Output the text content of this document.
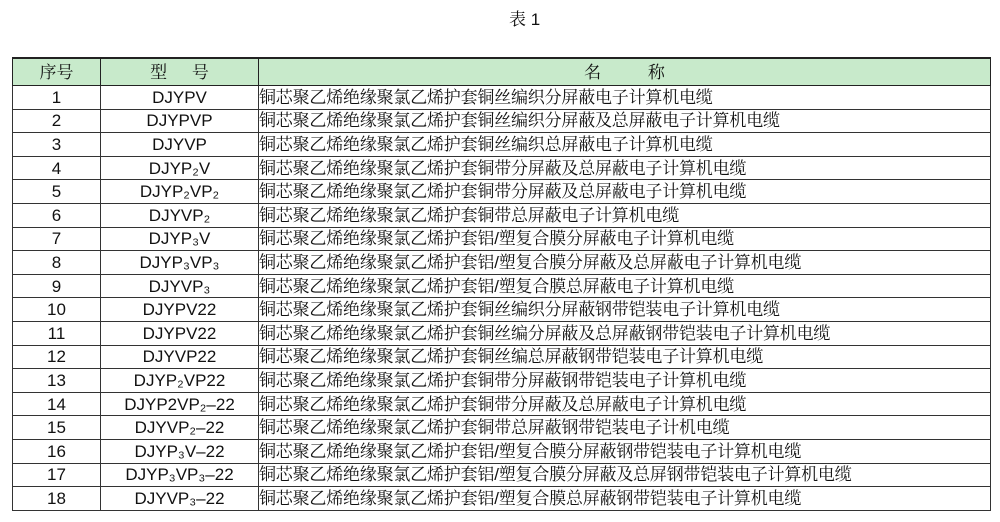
表 1
序号	型 号	名 称
1	DJYPV	铜芯聚乙烯绝缘聚氯乙烯护套铜丝编织分屏蔽电子计算机电缆
2	DJYPVP	铜芯聚乙烯绝缘聚氯乙烯护套铜丝编织分屏蔽及总屏蔽电子计算机电缆
3	DJYVP	铜芯聚乙烯绝缘聚氯乙烯护套铜丝编织总屏蔽电子计算机电缆
4	DJYP₂V	铜芯聚乙烯绝缘聚氯乙烯护套铜带分屏蔽及总屏蔽电子计算机电缆
5	DJYP₂VP₂	铜芯聚乙烯绝缘聚氯乙烯护套铜带分屏蔽及总屏蔽电子计算机电缆
6	DJYVP₂	铜芯聚乙烯绝缘聚氯乙烯护套铜带总屏蔽电子计算机电缆
7	DJYP₃V	铜芯聚乙烯绝缘聚氯乙烯护套铝/塑复合膜分屏蔽电子计算机电缆
8	DJYP₃VP₃	铜芯聚乙烯绝缘聚氯乙烯护套铝/塑复合膜分屏蔽及总屏蔽电子计算机电缆
9	DJYVP₃	铜芯聚乙烯绝缘聚氯乙烯护套铝/塑复合膜总屏蔽电子计算机电缆
10	DJYPV22	铜芯聚乙烯绝缘聚氯乙烯护套铜丝编织分屏蔽钢带铠装电子计算机电缆
11	DJYPV22	铜芯聚乙烯绝缘聚氯乙烯护套铜丝编分屏蔽及总屏蔽钢带铠装电子计算机电缆
12	DJYVP22	铜芯聚乙烯绝缘聚氯乙烯护套铜丝编总屏蔽钢带铠装电子计算机电缆
13	DJYP₂VP22	铜芯聚乙烯绝缘聚氯乙烯护套铜带分屏蔽钢带铠装电子计算机电缆
14	DJYP2VP₂–22	铜芯聚乙烯绝缘聚氯乙烯护套铜带分屏蔽及总屏蔽电子计算机电缆
15	DJYVP₂–22	铜芯聚乙烯绝缘聚氯乙烯护套铜带总屏蔽钢带铠装电子计机电缆
16	DJYP₃V–22	铜芯聚乙烯绝缘聚氯乙烯护套铝/塑复合膜分屏蔽钢带铠装电子计算机电缆
17	DJYP₃VP₃–22	铜芯聚乙烯绝缘聚氯乙烯护套铝/塑复合膜分屏蔽及总屏钢带铠装电子计算机电缆
18	DJYVP₃–22	铜芯聚乙烯绝缘聚氯乙烯护套铝/塑复合膜总屏蔽钢带铠装电子计算机电缆
